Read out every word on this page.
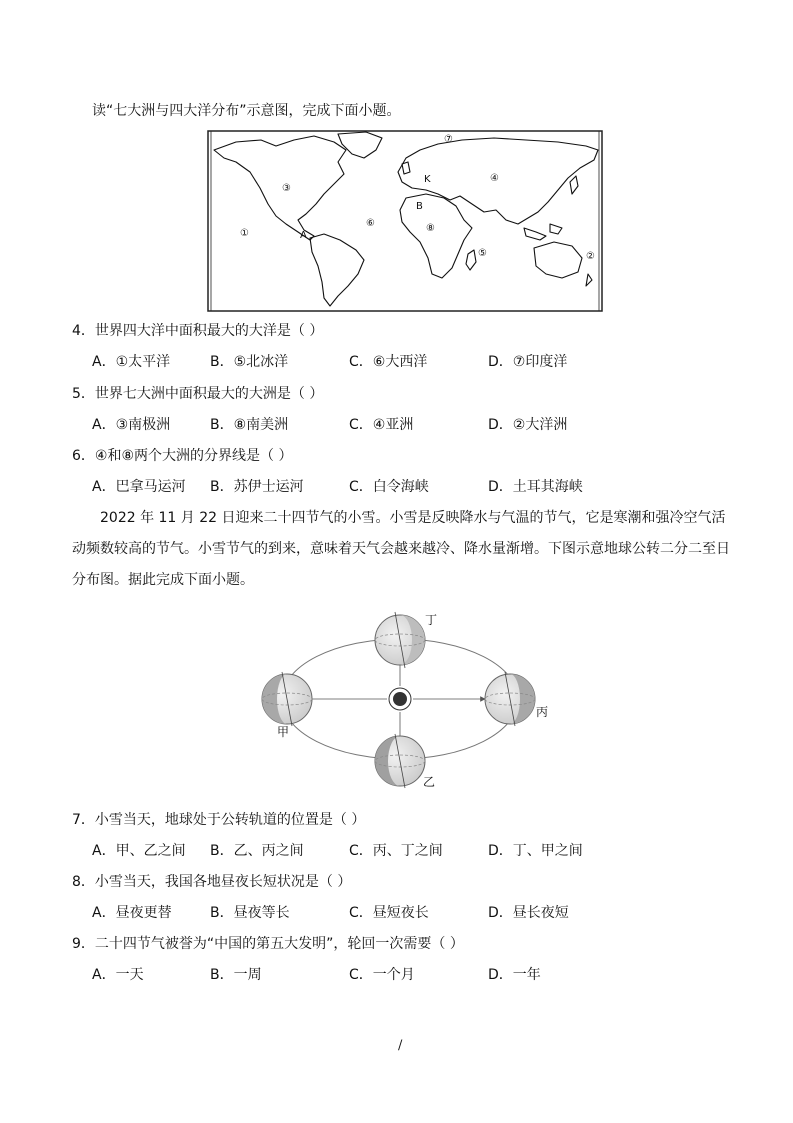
读“七大洲与四大洋分布”示意图，完成下面小题。
①
②
③
④
⑤
⑥
⑦
⑧
A
B
K
4．世界四大洋中面积最大的大洋是（ ）
A．①太平洋	B．⑤北冰洋	C．⑥大西洋	D．⑦印度洋
5．世界七大洲中面积最大的大洲是（ ）
A．③南极洲	B．⑧南美洲	C．④亚洲	D．②大洋洲
6．④和⑧两个大洲的分界线是（ ）
A．巴拿马运河 B．苏伊士运河	C．白令海峡	D．土耳其海峡
2022 年 11 月 22 日迎来二十四节气的小雪。小雪是反映降水与气温的节气，它是寒潮和强冷空气活动频数较高的节气。小雪节气的到来，意味着天气会越来越冷、降水量渐增。下图示意地球公转二分二至日分布图。据此完成下面小题。
丁
甲
丙
乙
7．小雪当天，地球处于公转轨道的位置是（ ）
A．甲、乙之间 B．乙、丙之间	C．丙、丁之间	D．丁、甲之间
8．小雪当天，我国各地昼夜长短状况是（ ）
A．昼夜更替	B．昼夜等长	C．昼短夜长	D．昼长夜短
9．二十四节气被誉为“中国的第五大发明”，轮回一次需要（ ）
A．一天	B．一周	C．一个月	D．一年
/
